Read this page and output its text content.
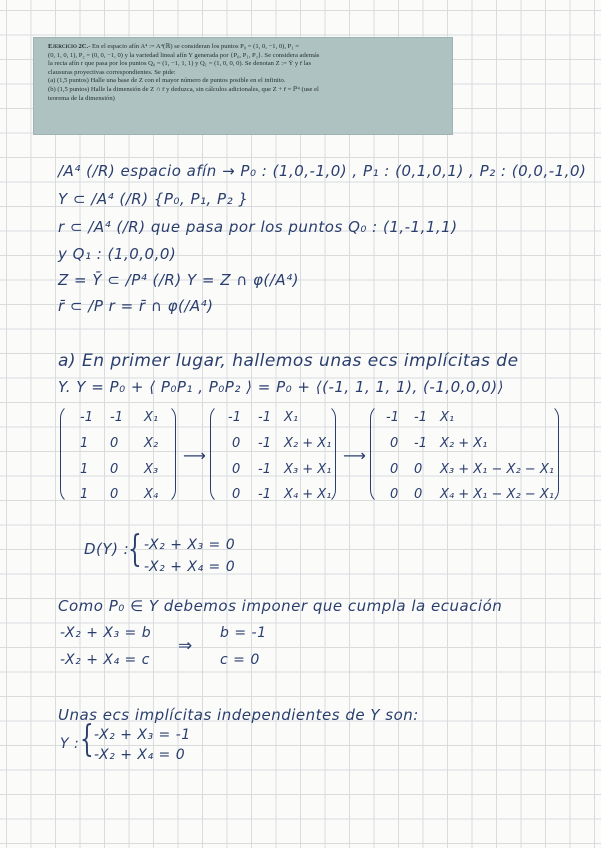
Ejercicio 2C.- En el espacio afín A⁴ := A⁴(ℝ) se consideran los puntos P₀ = (1, 0, −1, 0), P₁ =
(0, 1, 0, 1), P₂ = (0, 0, −1, 0) y la variedad lineal afín Y generada por {P₀, P₁, P₂}. Se considera además
la recta afín r que pasa por los puntos Q₀ = (1, −1, 1, 1) y Q₁ = (1, 0, 0, 0). Se denotan Z := Ȳ y r̄ las
clausuras proyectivas correspondientes. Se pide:
(a) (1,5 puntos) Halle una base de Z con el mayor número de puntos posible en el infinito.
(b) (1,5 puntos) Halle la dimensión de Z ∩ r̄ y deduzca, sin cálculos adicionales, que Z + r̄ = ℙ⁴ (use el
teorema de la dimensión)
/A⁴ (/R) espacio afín → P₀ : (1,0,-1,0) , P₁ : (0,1,0,1) , P₂ : (0,0,-1,0)
Y ⊂ /A⁴ (/R) {P₀, P₁, P₂ }
r ⊂ /A⁴ (/R) que pasa por los puntos Q₀ : (1,-1,1,1)
y Q₁ : (1,0,0,0)
Z = Ȳ ⊂ /P⁴ (/R) Y = Z ∩ φ(/A⁴)
r̄ ⊂ /P r = r̄ ∩ φ(/A⁴)
a) En primer lugar, hallemos unas ecs implícitas de
Y. Y = P₀ + ⟨ P₀P₁ , P₀P₂ ⟩ = P₀ + ⟨(-1, 1, 1, 1), (-1,0,0,0)⟩
-1 -1 X₁
1 0 X₂
1 0 X₃
1 0 X₄
⟶
-1 -1 X₁
0 -1 X₂ + X₁
0 -1 X₃ + X₁
0 -1 X₄ + X₁
⟶
-1 -1 X₁
0 -1 X₂ + X₁
0 0 X₃ + X₁ − X₂ − X₁
0 0 X₄ + X₁ − X₂ − X₁
D(Y) :
{ -X₂ + X₃ = 0
-X₂ + X₄ = 0
Como P₀ ∈ Y debemos imponer que cumpla la ecuación
-X₂ + X₃ = b
-X₂ + X₄ = c
⇒
b = -1
c = 0
Unas ecs implícitas independientes de Y son:
Y : { -X₂ + X₃ = -1
-X₂ + X₄ = 0
